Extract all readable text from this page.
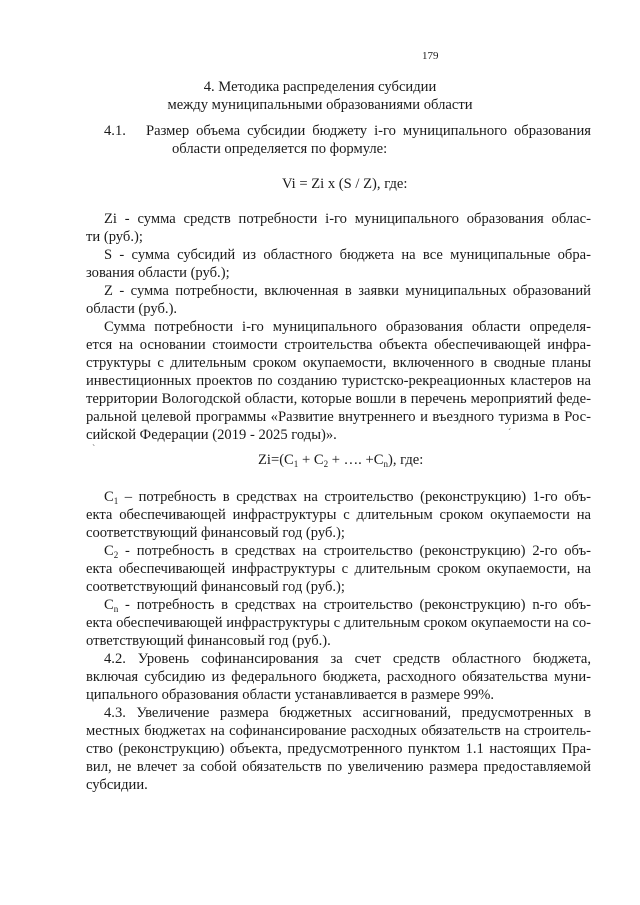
179
4. Методика распределения субсидии
между муниципальными образованиями области
4.1. Размер объема субсидии бюджету i-го муниципального образования
области определяется по формуле:
Vi = Zi x (S / Z), где:
Zi - сумма средств потребности i-го муниципального образования облас-
ти (руб.);
S - сумма субсидий из областного бюджета на все муниципальные обра-
зования области (руб.);
Z - сумма потребности, включенная в заявки муниципальных образований
области (руб.).
Сумма потребности i-го муниципального образования области определя-
ется на основании стоимости строительства объекта обеспечивающей инфра-
структуры с длительным сроком окупаемости, включенного в сводные планы
инвестиционных проектов по созданию туристско-рекреационных кластеров на
территории Вологодской области, которые вошли в перечень мероприятий феде-
ральной целевой программы «Развитие внутреннего и въездного туризма в Рос-
сийской Федерации (2019 - 2025 годы)».	ˊ
ˋ
$Zi=(C_1 + C_2$ + …. $+C_n$), где:
$C_1$ – потребность в средствах на строительство (реконструкцию) 1-го объ-
екта обеспечивающей инфраструктуры с длительным сроком окупаемости на
соответствующий финансовый год (руб.);
$C_2$ - потребность в средствах на строительство (реконструкцию) 2-го объ-
екта обеспечивающей инфраструктуры с длительным сроком окупаемости, на
соответствующий финансовый год (руб.);
$C_n$ - потребность в средствах на строительство (реконструкцию) n-го объ-
екта обеспечивающей инфраструктуры с длительным сроком окупаемости на со-
ответствующий финансовый год (руб.).
4.2. Уровень софинансирования за счет средств областного бюджета,
включая субсидию из федерального бюджета, расходного обязательства муни-
ципального образования области устанавливается в размере 99%.
4.3. Увеличение размера бюджетных ассигнований, предусмотренных в
местных бюджетах на софинансирование расходных обязательств на строитель-
ство (реконструкцию) объекта, предусмотренного пунктом 1.1 настоящих Пра-
вил, не влечет за собой обязательств по увеличению размера предоставляемой
субсидии.
